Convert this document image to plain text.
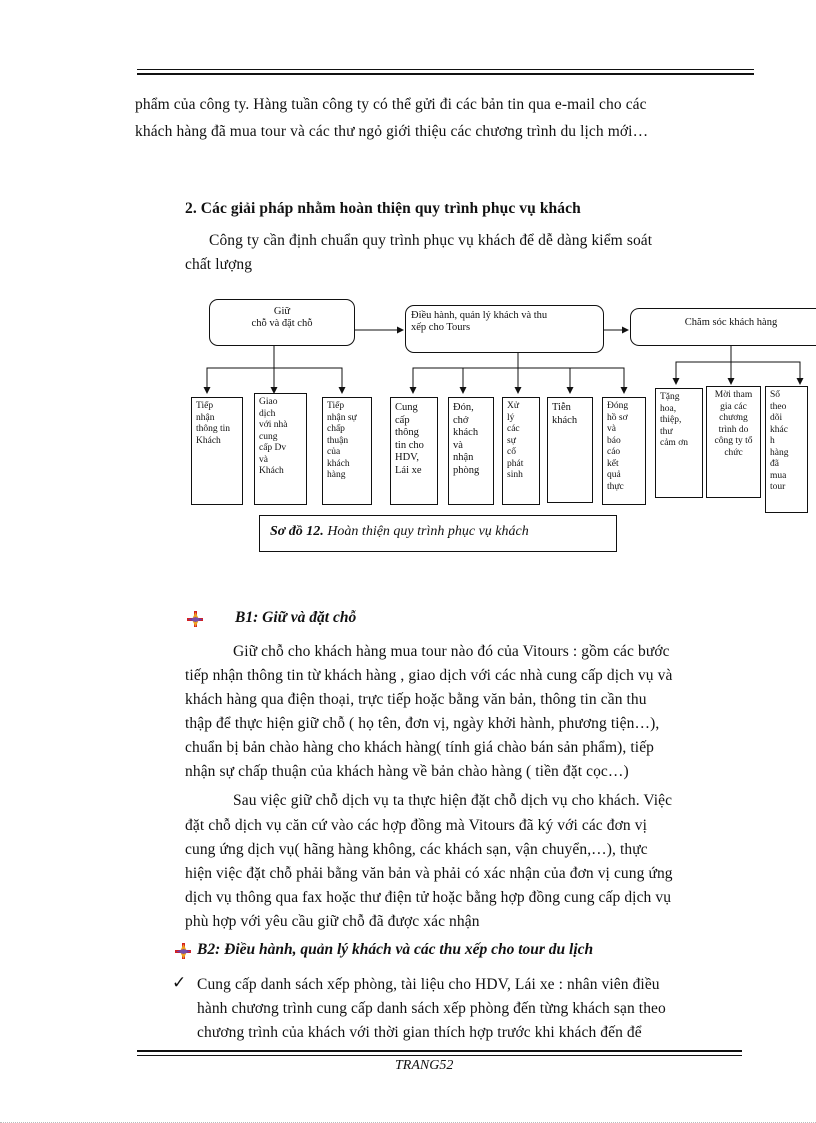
phẩm của công ty. Hàng tuần công ty có thể gửi đi các bản tin qua e-mail cho các
khách hàng đã mua tour và các thư ngỏ giới thiệu các chương trình du lịch mới…
2. Các giải pháp nhằm hoàn thiện quy trình phục vụ khách
Công ty cần định chuẩn quy trình phục vụ khách để dễ dàng kiểm soát
chất lượng
Giữ
chỗ và đặt chỗ
Điều hành, quản lý khách và thu
xếp cho Tours	Chăm sóc khách hàng
Tiếp
nhận
thông tin
Khách
Giao
dịch
với nhà
cung
cấp Dv
và
Khách
Tiếp
nhận sự
chấp
thuận
của
khách
hàng
Cung
cấp
thông
tin cho
HDV,
Lái xe
Đón,
chở
khách
và
nhận
phòng
Xử
lý
các
sự
cố
phát
sinh
Tiễn
khách
Đóng
hồ sơ
và
báo
cáo
kết
quả
thực
Tặng
hoa,
thiệp,
thư
cảm ơn
Mời tham
gia các
chương
trình do
công ty tổ
chức
Sổ
theo
dõi
khác
h
hàng
đã
mua
tour
Sơ đồ 12. Hoàn thiện quy trình phục vụ khách
B1: Giữ và đặt chỗ
Giữ chỗ cho khách hàng mua tour nào đó của Vitours : gồm các bước
tiếp nhận thông tin từ khách hàng , giao dịch với các nhà cung cấp dịch vụ và
khách hàng qua điện thoại, trực tiếp hoặc bằng văn bản, thông tin cần thu
thập để thực hiện giữ chỗ ( họ tên, đơn vị, ngày khởi hành, phương tiện…),
chuẩn bị bản chào hàng cho khách hàng( tính giá chào bán sản phẩm), tiếp
nhận sự chấp thuận của khách hàng về bản chào hàng ( tiền đặt cọc…)
Sau việc giữ chỗ dịch vụ ta thực hiện đặt chỗ dịch vụ cho khách. Việc
đặt chỗ dịch vụ căn cứ vào các hợp đồng mà Vitours đã ký với các đơn vị
cung ứng dịch vụ( hãng hàng không, các khách sạn, vận chuyển,…), thực
hiện việc đặt chỗ phải bằng văn bản và phải có xác nhận của đơn vị cung ứng
dịch vụ thông qua fax hoặc thư điện tử hoặc bằng hợp đồng cung cấp dịch vụ
phù hợp với yêu cầu giữ chỗ đã được xác nhận
B2: Điều hành, quản lý khách và các thu xếp cho tour du lịch
✓ Cung cấp danh sách xếp phòng, tài liệu cho HDV, Lái xe : nhân viên điều
hành chương trình cung cấp danh sách xếp phòng đến từng khách sạn theo
chương trình của khách với thời gian thích hợp trước khi khách đến để
TRANG52
